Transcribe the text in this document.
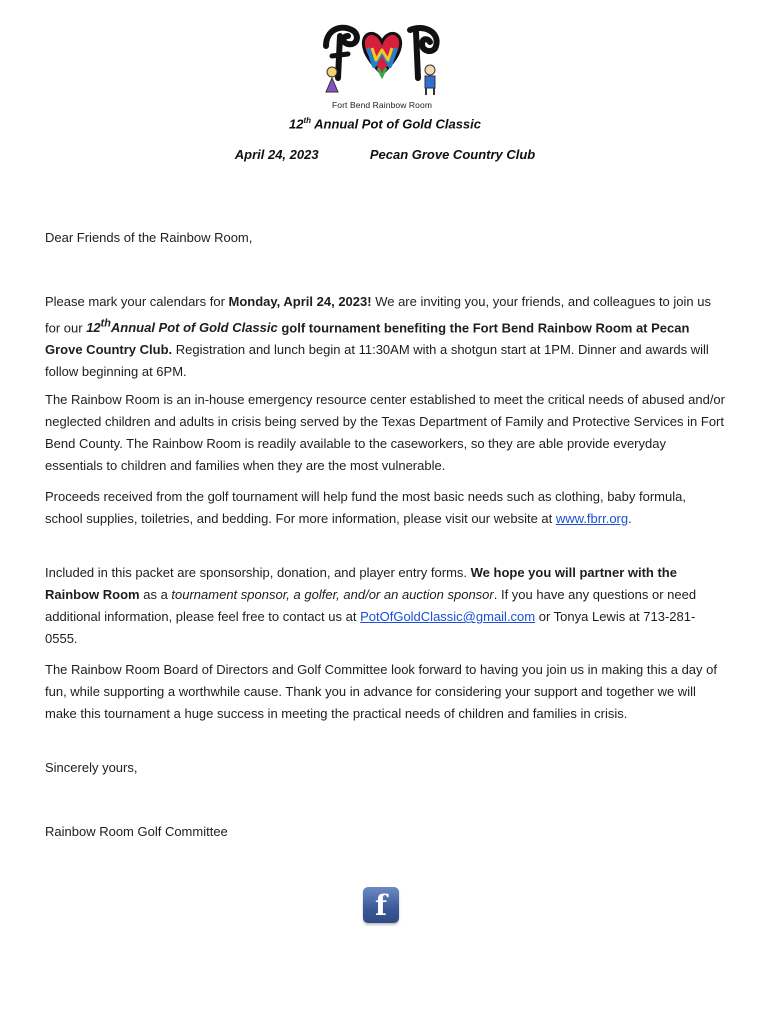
Fort Bend Rainbow Room
12th Annual Pot of Gold Classic
April 24, 2023	Pecan Grove Country Club
Dear Friends of the Rainbow Room,
Please mark your calendars for Monday, April 24, 2023! We are inviting you, your friends, and colleagues to join us for our 12thAnnual Pot of Gold Classic golf tournament benefiting the Fort Bend Rainbow Room at Pecan Grove Country Club. Registration and lunch begin at 11:30AM with a shotgun start at 1PM. Dinner and awards will follow beginning at 6PM.
The Rainbow Room is an in-house emergency resource center established to meet the critical needs of abused and/or neglected children and adults in crisis being served by the Texas Department of Family and Protective Services in Fort Bend County. The Rainbow Room is readily available to the caseworkers, so they are able provide everyday essentials to children and families when they are the most vulnerable.
Proceeds received from the golf tournament will help fund the most basic needs such as clothing, baby formula, school supplies, toiletries, and bedding. For more information, please visit our website at www.fbrr.org.
Included in this packet are sponsorship, donation, and player entry forms. We hope you will partner with the Rainbow Room as a tournament sponsor, a golfer, and/or an auction sponsor. If you have any questions or need additional information, please feel free to contact us at PotOfGoldClassic@gmail.com or Tonya Lewis at 713-281-0555.
The Rainbow Room Board of Directors and Golf Committee look forward to having you join us in making this a day of fun, while supporting a worthwhile cause. Thank you in advance for considering your support and together we will make this tournament a huge success in meeting the practical needs of children and families in crisis.
Sincerely yours,
Rainbow Room Golf Committee
f
